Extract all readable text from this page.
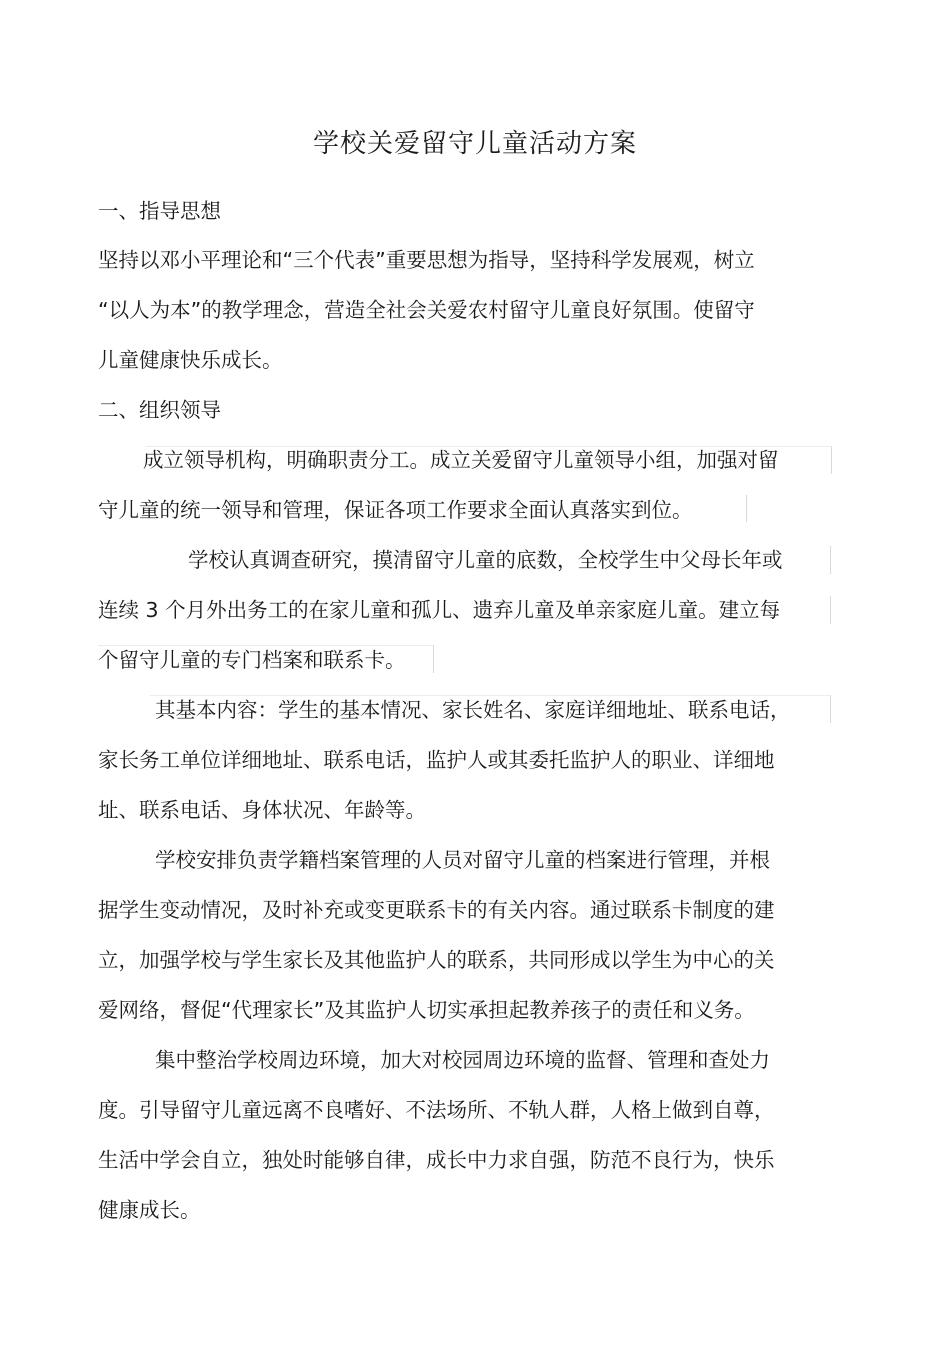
学校关爱留守儿童活动方案
一、指导思想
坚持以邓小平理论和“三个代表”重要思想为指导，坚持科学发展观，树立
“以人为本”的教学理念，营造全社会关爱农村留守儿童良好氛围。使留守
儿童健康快乐成长。
二、组织领导
成立领导机构，明确职责分工。成立关爱留守儿童领导小组，加强对留
守儿童的统一领导和管理，保证各项工作要求全面认真落实到位。
学校认真调查研究，摸清留守儿童的底数，全校学生中父母长年或
连续 3 个月外出务工的在家儿童和孤儿、遗弃儿童及单亲家庭儿童。建立每
个留守儿童的专门档案和联系卡。
其基本内容：学生的基本情况、家长姓名、家庭详细地址、联系电话，
家长务工单位详细地址、联系电话，监护人或其委托监护人的职业、详细地
址、联系电话、身体状况、年龄等。
学校安排负责学籍档案管理的人员对留守儿童的档案进行管理，并根
据学生变动情况，及时补充或变更联系卡的有关内容。通过联系卡制度的建
立，加强学校与学生家长及其他监护人的联系，共同形成以学生为中心的关
爱网络，督促“代理家长”及其监护人切实承担起教养孩子的责任和义务。
集中整治学校周边环境，加大对校园周边环境的监督、管理和查处力
度。引导留守儿童远离不良嗜好、不法场所、不轨人群，人格上做到自尊，
生活中学会自立，独处时能够自律，成长中力求自强，防范不良行为，快乐
健康成长。
